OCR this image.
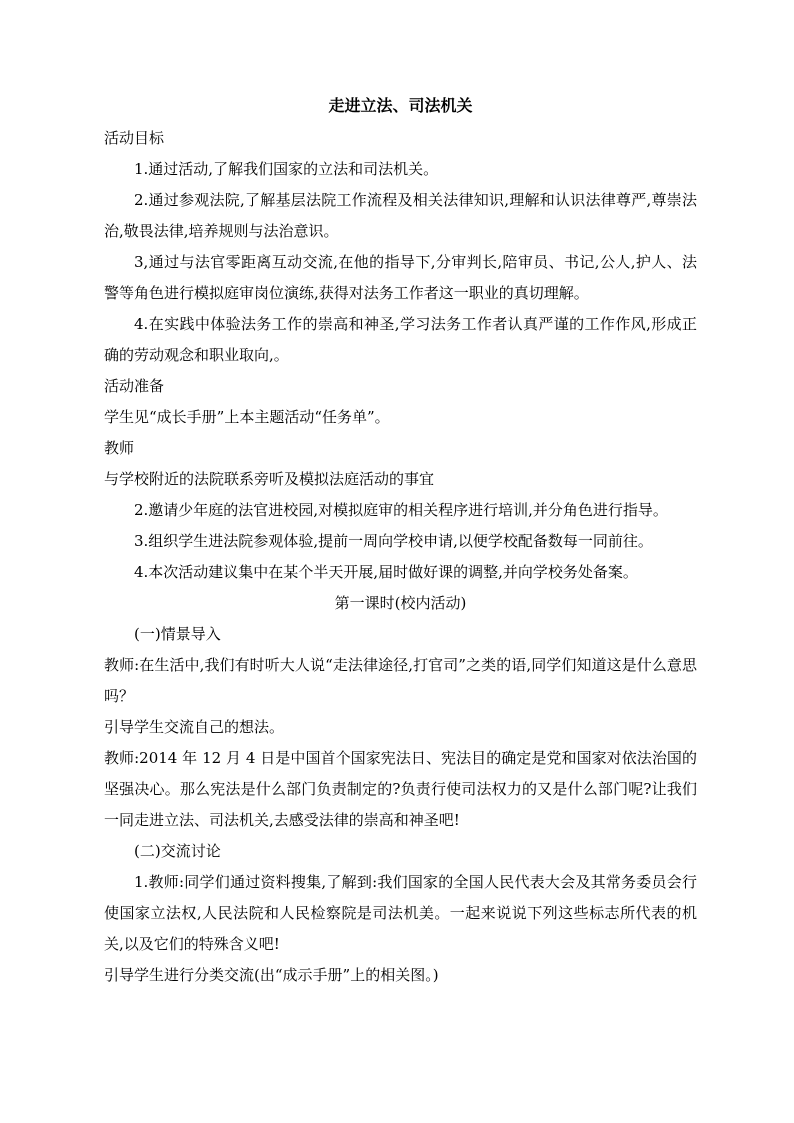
走进立法、司法机关

活动目标

1.通过活动,了解我们国家的立法和司法机关。

2.通过参观法院,了解基层法院工作流程及相关法律知识,理解和认识法律尊严,尊崇法治,敬畏法律,培养规则与法治意识。

3,通过与法官零距离互动交流,在他的指导下,分审判长,陪审员、书记,公人,护人、法警等角色进行模拟庭审岗位演练,获得对法务工作者这一职业的真切理解。

4.在实践中体验法务工作的崇高和神圣,学习法务工作者认真严谨的工作作风,形成正确的劳动观念和职业取向,。

活动准备

学生见“成长手册”上本主题活动“任务单”。

教师

与学校附近的法院联系旁听及模拟法庭活动的事宜

2.邀请少年庭的法官进校园,对模拟庭审的相关程序进行培训,并分角色进行指导。

3.组织学生进法院参观体验,提前一周向学校申请,以便学校配备数每一同前往。

4.本次活动建议集中在某个半天开展,届时做好课的调整,并向学校务处备案。

第一课时(校内活动)

(一)情景导入

教师:在生活中,我们有时听大人说“走法律途径,打官司”之类的语,同学们知道这是什么意思吗？

引导学生交流自己的想法。

教师:2014 年 12 月 4 日是中国首个国家宪法日、宪法目的确定是党和国家对依法治国的坚强决心。那么宪法是什么部门负责制定的?负责行使司法权力的又是什么部门呢?让我们一同走进立法、司法机关,去感受法律的崇高和神圣吧!

(二)交流讨论

1.教师:同学们通过资料搜集,了解到:我们国家的全国人民代表大会及其常务委员会行使国家立法权,人民法院和人民检察院是司法机美。一起来说说下列这些标志所代表的机关,以及它们的特殊含义吧!

引导学生进行分类交流(出“成示手册”上的相关图。)
